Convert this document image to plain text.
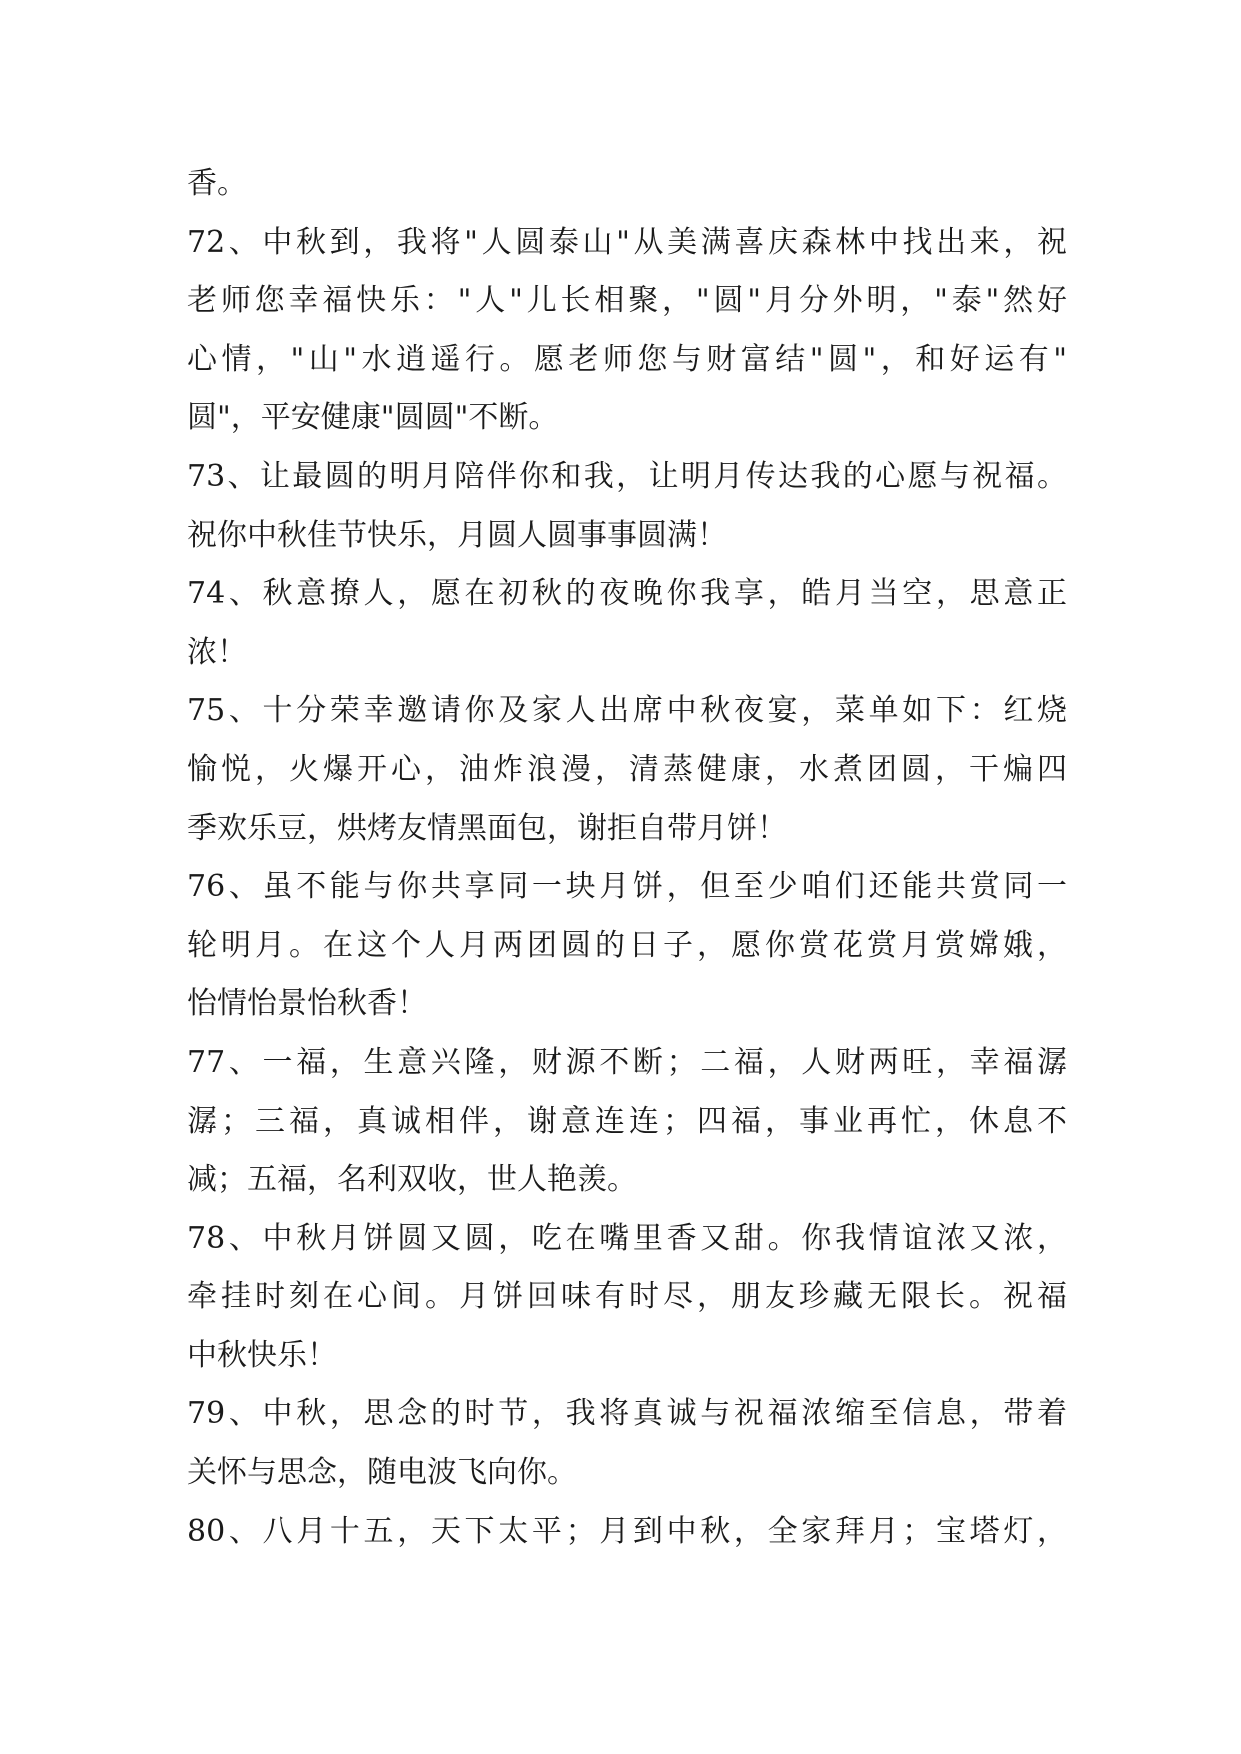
香。
72、中秋到，我将"人圆泰山"从美满喜庆森林中找出来，祝
老师您幸福快乐："人"儿长相聚，"圆"月分外明，"泰"然好
心情，"山"水逍遥行。愿老师您与财富结"圆"，和好运有"
圆"，平安健康"圆圆"不断。
73、让最圆的明月陪伴你和我，让明月传达我的心愿与祝福。
祝你中秋佳节快乐，月圆人圆事事圆满！
74、秋意撩人，愿在初秋的夜晚你我享，皓月当空，思意正
浓！
75、十分荣幸邀请你及家人出席中秋夜宴，菜单如下：红烧
愉悦，火爆开心，油炸浪漫，清蒸健康，水煮团圆，干煸四
季欢乐豆，烘烤友情黑面包，谢拒自带月饼！
76、虽不能与你共享同一块月饼，但至少咱们还能共赏同一
轮明月。在这个人月两团圆的日子，愿你赏花赏月赏嫦娥，
怡情怡景怡秋香！
77、一福，生意兴隆，财源不断；二福，人财两旺，幸福潺
潺；三福，真诚相伴，谢意连连；四福，事业再忙，休息不
减；五福，名利双收，世人艳羡。
78、中秋月饼圆又圆，吃在嘴里香又甜。你我情谊浓又浓，
牵挂时刻在心间。月饼回味有时尽，朋友珍藏无限长。祝福
中秋快乐！
79、中秋，思念的时节，我将真诚与祝福浓缩至信息，带着
关怀与思念，随电波飞向你。
80、八月十五，天下太平；月到中秋，全家拜月；宝塔灯，
